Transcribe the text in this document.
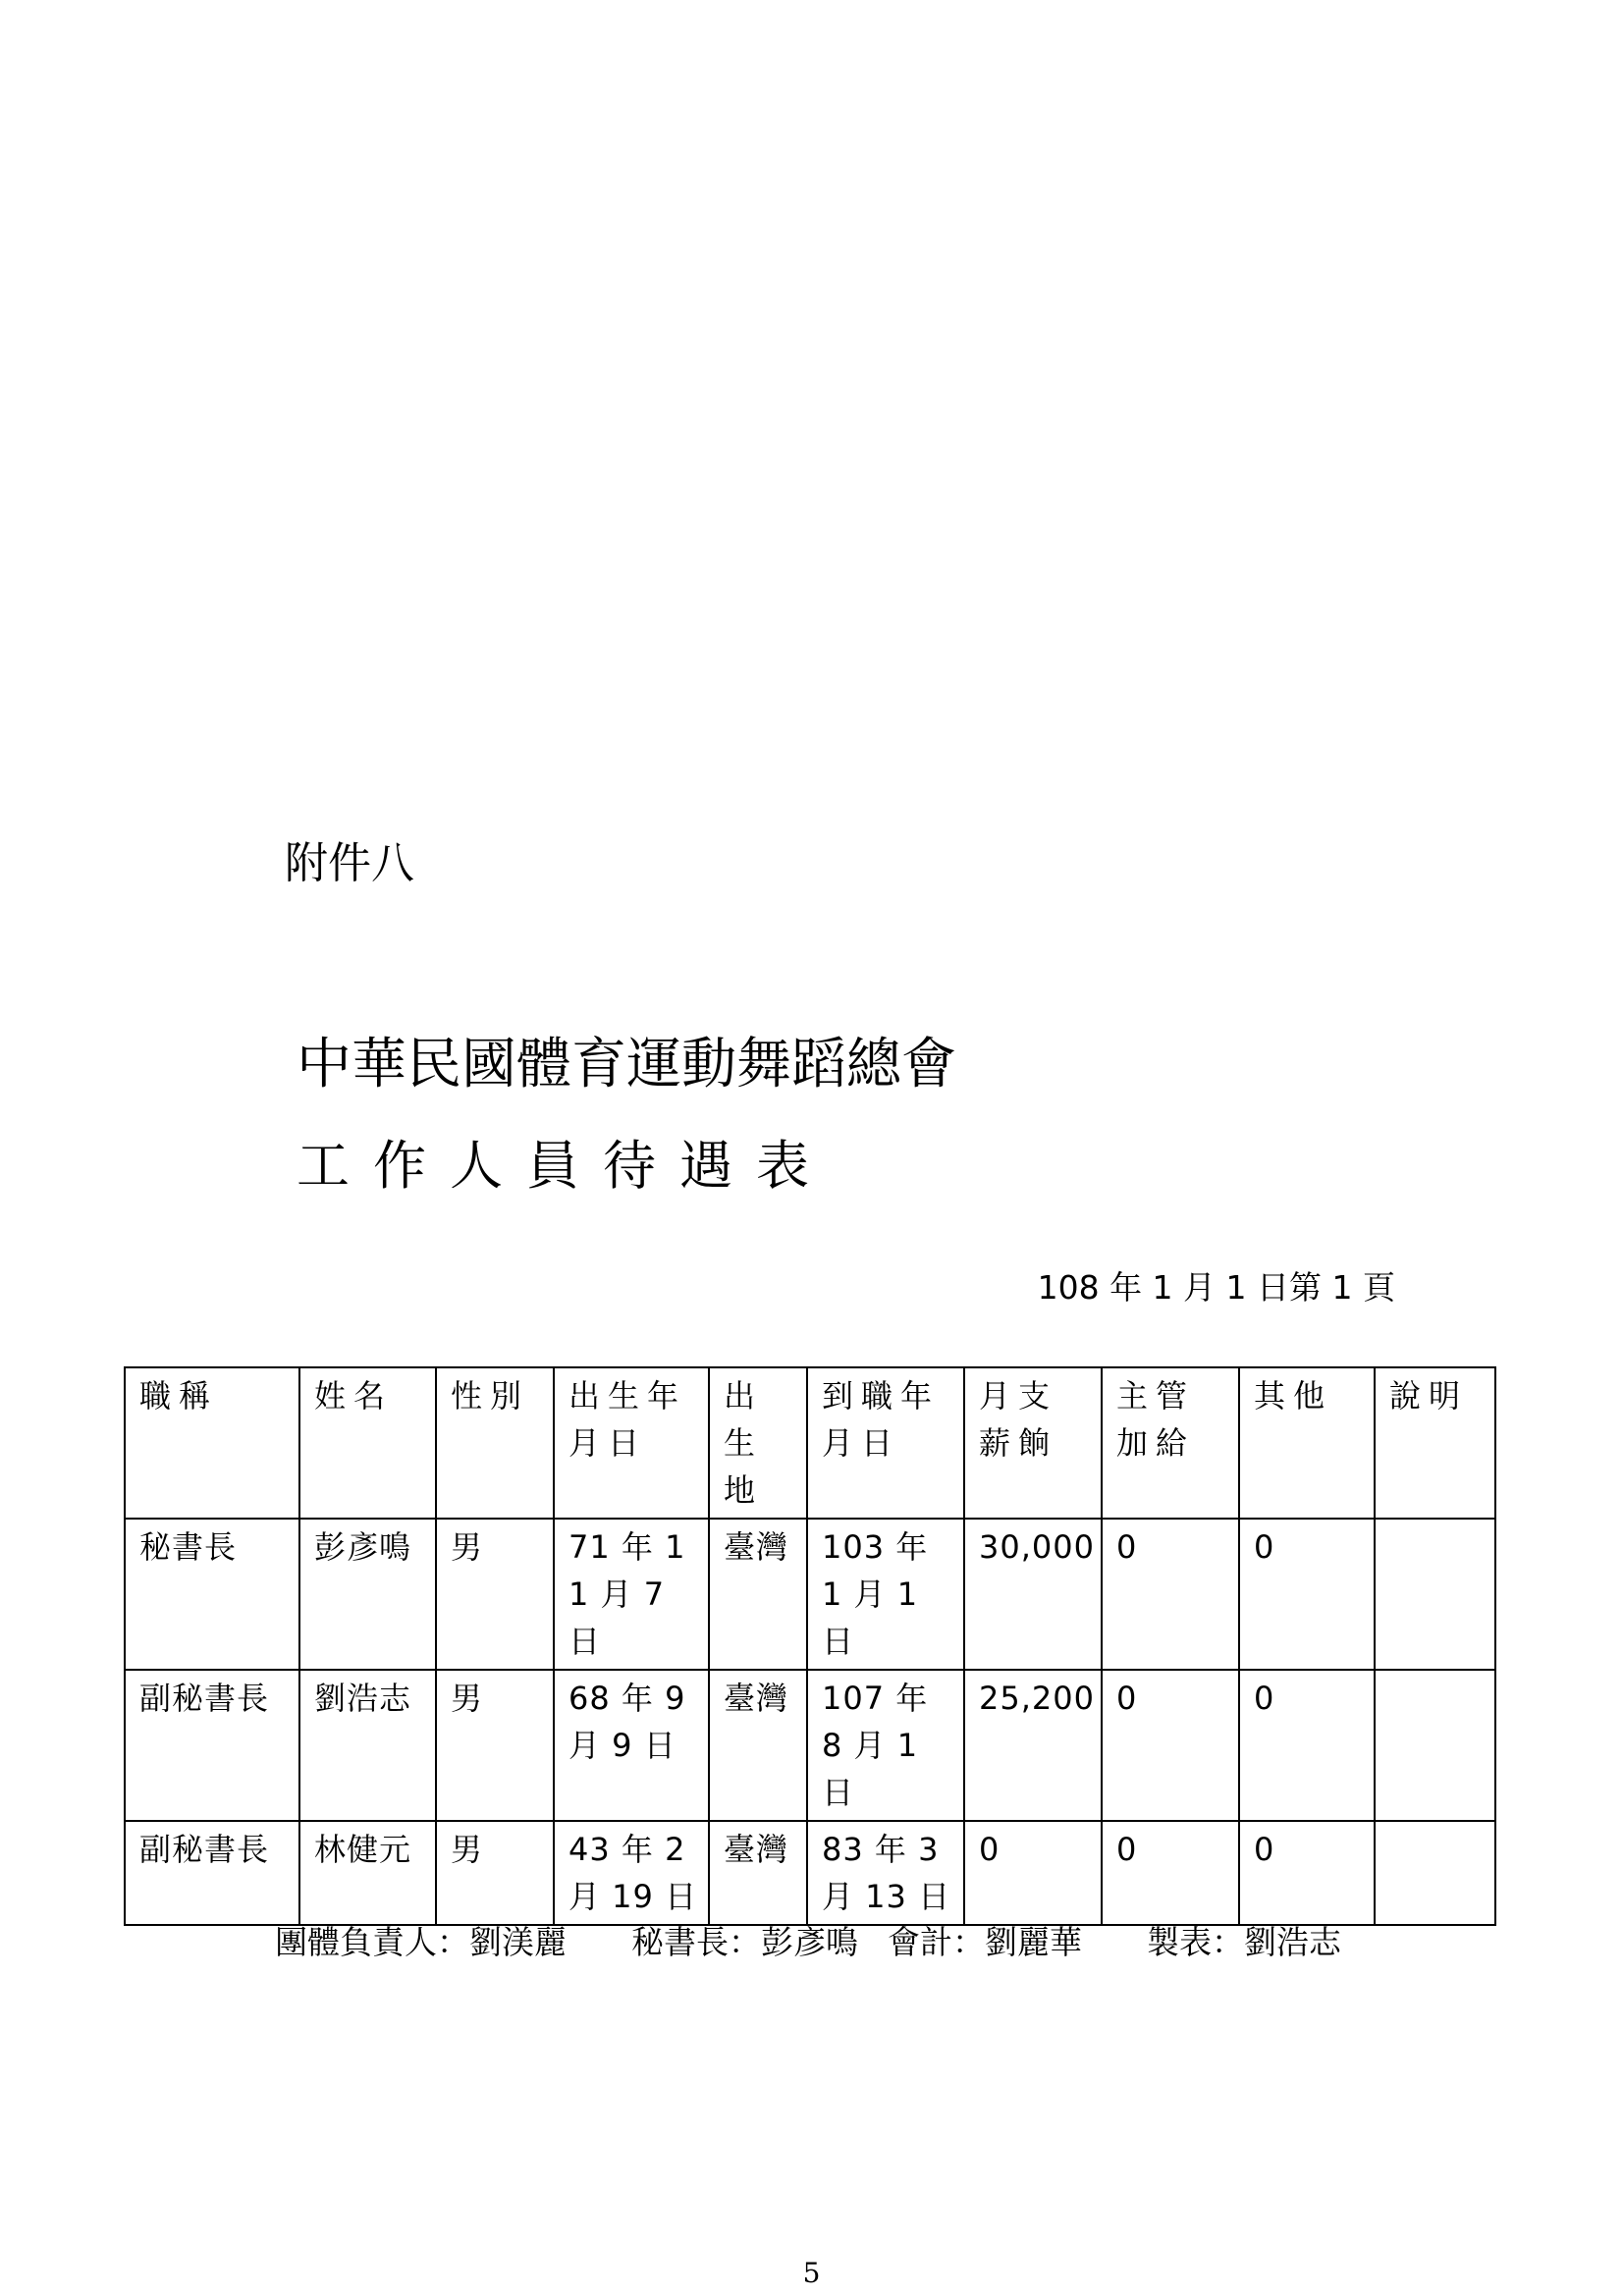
附件八
中華民國體育運動舞蹈總會
工作人員待遇表
108 年 1 月 1 日第 1 頁
職稱	姓名	性別	出生年月日	出生地	到職年月日	月支薪餉	主管加給	其他	說明
秘書長	彭彥鳴	男	71 年 11 月 7 日	臺灣	103 年 1 月 1 日	30,000	0	0	
副秘書長	劉浩志	男	68 年 9 月 9 日	臺灣	107 年 8 月 1 日	25,200	0	0	
副秘書長	林健元	男	43 年 2 月 19 日	臺灣	83 年 3 月 13 日	0	0	0	
團體負責人：劉渼麗 秘書長：彭彥鳴 會計：劉麗華 製表：劉浩志
5
